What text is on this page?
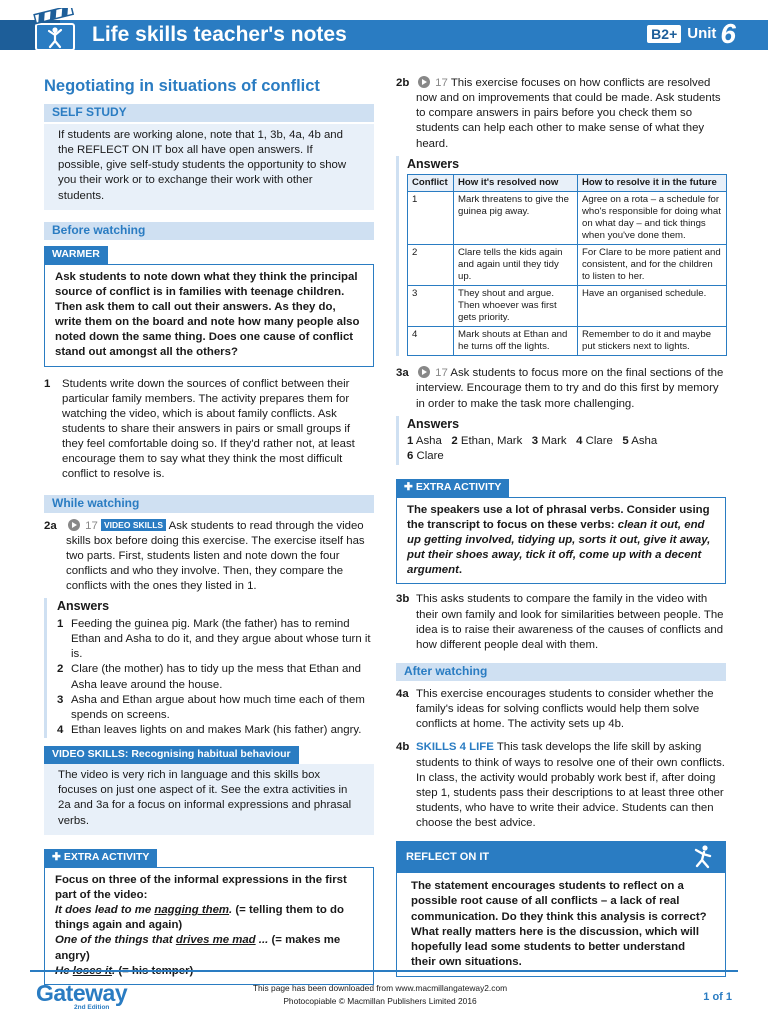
Life skills teacher's notes	B2+ Unit 6
Negotiating in situations of conflict
SELF STUDY

If students are working alone, note that 1, 3b, 4a, 4b and the REFLECT ON IT box all have open answers. If possible, give self-study students the opportunity to show you their work or to exchange their work with other students.

Before watching
WARMER

Ask students to note down what they think the principal source of conflict is in families with teenage children. Then ask them to call out their answers. As they do, write them on the board and note how many people also noted down the same thing. Does one cause of conflict stand out amongst all the others?

1	Students write down the sources of conflict between their particular family members. The activity prepares them for watching the video, which is about family conflicts. Ask students to share their answers in pairs or small groups if they feel comfortable doing so. If they'd rather not, at least encourage them to say what they think the most difficult conflict to resolve is.
While watching
2a	17 VIDEO SKILLS Ask students to read through the video skills box before doing this exercise. The exercise itself has two parts. First, students listen and note down the four conflicts and who they involve. Then, they compare the conflicts with the ones they listed in 1.
Answers
1 Feeding the guinea pig. Mark (the father) has to remind Ethan and Asha to do it, and they argue about whose turn it is.
2 Clare (the mother) has to tidy up the mess that Ethan and Asha leave around the house.
3 Asha and Ethan argue about how much time each of them spends on screens.
4 Ethan leaves lights on and makes Mark (his father) angry.
VIDEO SKILLS: Recognising habitual behaviour

The video is very rich in language and this skills box focuses on just one aspect of it. See the extra activities in 2a and 3a for a focus on informal expressions and phrasal verbs.

✚ EXTRA ACTIVITY

Focus on three of the informal expressions in the first part of the video:

It does lead to me nagging them. (= telling them to do things again and again)

One of the things that drives me mad ... (= makes me angry)

2b	17 This exercise focuses on how conflicts are resolved now and on improvements that could be made. Ask students to compare answers in pairs before you check them so students can help each other to make sense of what they heard.
Answers
Conflict	How it's resolved now	How to resolve it in the future
1	Mark threatens to give the guinea pig away.	Agree on a rota – a schedule for who's responsible for doing what on what day – and tick things when you've done them.
2	Clare tells the kids again and again until they tidy up.	For Clare to be more patient and consistent, and for the children to listen to her.
3	They shout and argue. Then whoever was first gets priority.	Have an organised schedule.
4	Mark shouts at Ethan and he turns off the lights.	Remember to do it and maybe put stickers next to lights.
3a	17 Ask students to focus more on the final sections of the interview. Encourage them to try and do this first by memory in order to make the task more challenging.
Answers
1 Asha 2 Ethan, Mark 3 Mark 4 Clare 5 Asha
6 Clare
✚ EXTRA ACTIVITY

The speakers use a lot of phrasal verbs. Consider using the transcript to focus on these verbs: clean it out, end up getting involved, tidying up, sorts it out, give it away, put their shoes away, tick it off, come up with a decent argument.

3b This asks students to compare the family in the video with their own family and look for similarities between people. The idea is to raise their awareness of the causes of conflicts and how different people deal with them.
After watching
4a This exercise encourages students to consider whether the family's ideas for solving conflicts would help them solve conflicts at home. The activity sets up 4b.
4b SKILLS 4 LIFE This task develops the life skill by asking students to think of ways to resolve one of their own conflicts. In class, the activity would probably work best if, after doing step 1, students pass their descriptions to at least three other students, who have to write their advice. Students can then choose the best advice.
REFLECT ON IT

The statement encourages students to reflect on a possible root cause of all conflicts – a lack of real communication. Do they think this analysis is correct? What really matters here is the discussion, which will hopefully lead some students to better understand their own situations.

Gateway
2nd Edition
This page has been downloaded from www.macmillangateway2.com
Photocopiable © Macmillan Publishers Limited 2016	1 of 1
